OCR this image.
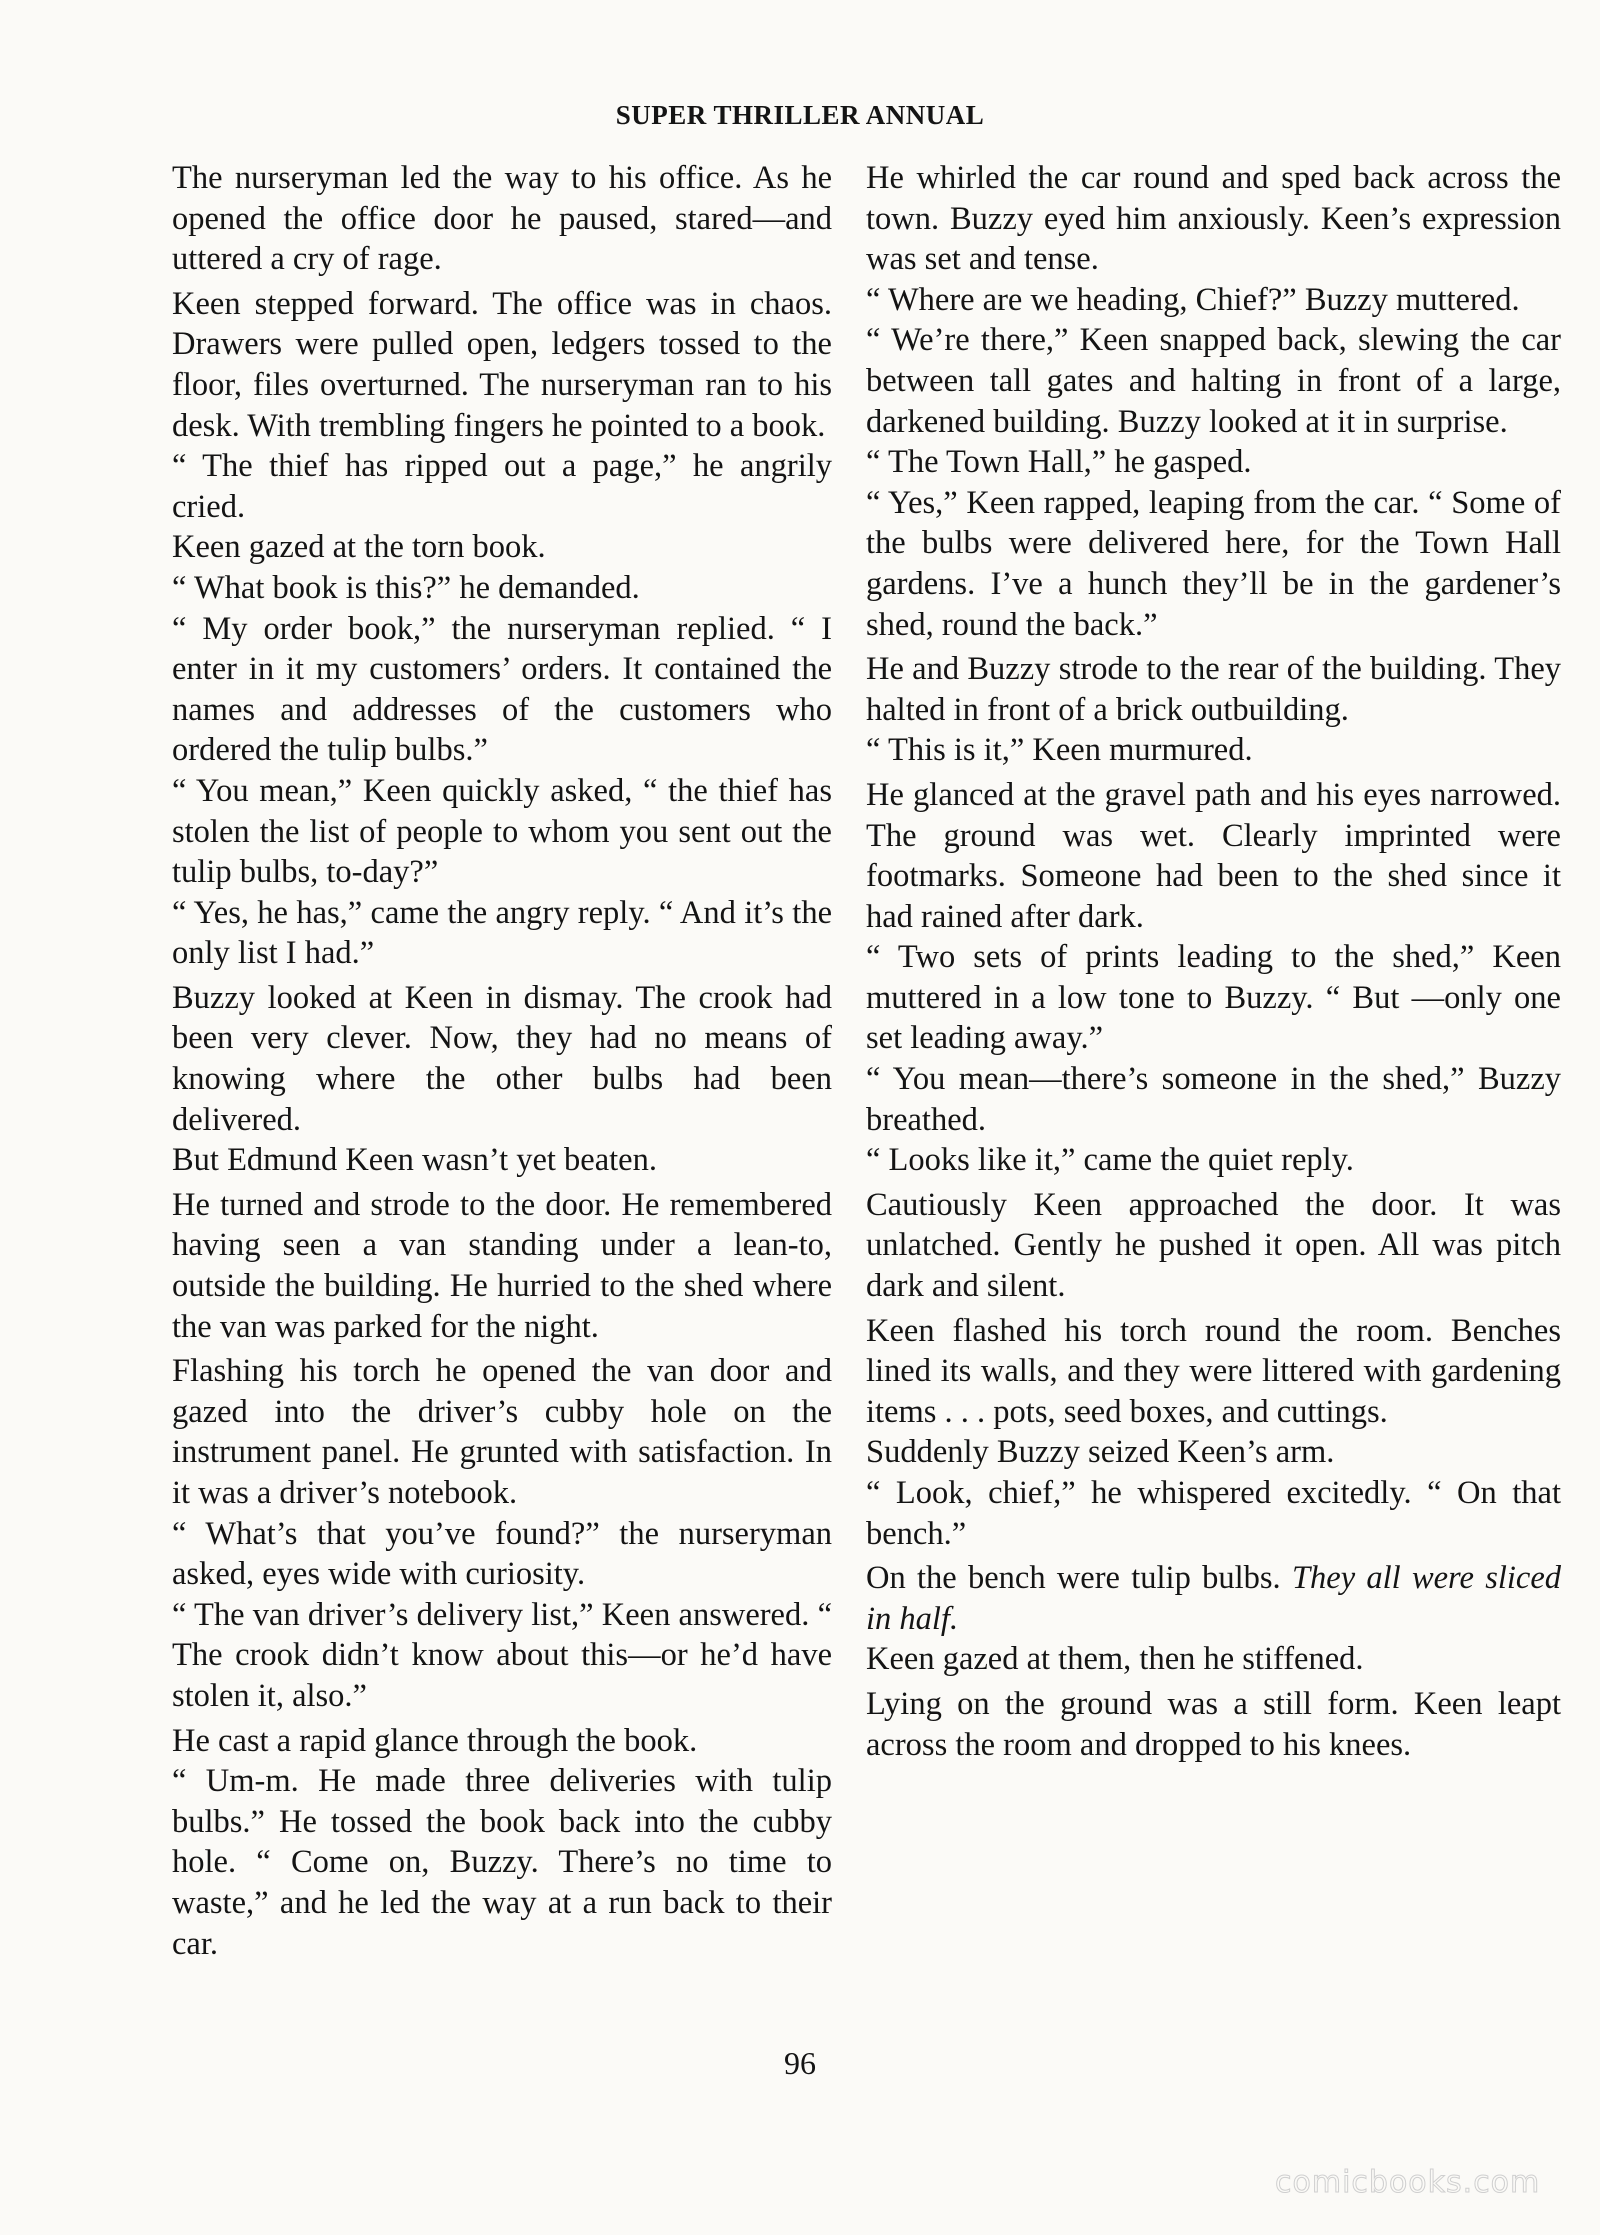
SUPER THRILLER ANNUAL

The nurseryman led the way to his office. As he opened the office door he paused, stared—and uttered a cry of rage.

Keen stepped forward. The office was in chaos. Drawers were pulled open, ledgers tossed to the floor, files overturned. The nurseryman ran to his desk. With trembling fingers he pointed to a book.

“ The thief has ripped out a page,” he angrily cried.

Keen gazed at the torn book.

“ What book is this?” he demanded.

“ My order book,” the nurseryman replied. “ I enter in it my customers’ orders. It contained the names and addresses of the customers who ordered the tulip bulbs.”

“ You mean,” Keen quickly asked, “ the thief has stolen the list of people to whom you sent out the tulip bulbs, to-day?”

“ Yes, he has,” came the angry reply. “ And it’s the only list I had.”

Buzzy looked at Keen in dismay. The crook had been very clever. Now, they had no means of knowing where the other bulbs had been delivered.

But Edmund Keen wasn’t yet beaten.

He turned and strode to the door. He remembered having seen a van standing under a lean-to, outside the building. He hurried to the shed where the van was parked for the night.

Flashing his torch he opened the van door and gazed into the driver’s cubby hole on the instrument panel. He grunted with satisfaction. In it was a driver’s notebook.

“ What’s that you’ve found?” the nurseryman asked, eyes wide with curiosity.

“ The van driver’s delivery list,” Keen answered. “ The crook didn’t know about this—or he’d have stolen it, also.”

He cast a rapid glance through the book.

“ Um-m. He made three deliveries with tulip bulbs.” He tossed the book back into the cubby hole. “ Come on, Buzzy. There’s no time to waste,” and he led the way at a run back to their car.

He whirled the car round and sped back across the town. Buzzy eyed him anxiously. Keen’s expression was set and tense.

“ Where are we heading, Chief?” Buzzy muttered.

“ We’re there,” Keen snapped back, slewing the car between tall gates and halting in front of a large, darkened building. Buzzy looked at it in surprise.

“ The Town Hall,” he gasped.

“ Yes,” Keen rapped, leaping from the car. “ Some of the bulbs were delivered here, for the Town Hall gardens. I’ve a hunch they’ll be in the gardener’s shed, round the back.”

He and Buzzy strode to the rear of the building. They halted in front of a brick outbuilding.

“ This is it,” Keen murmured.

He glanced at the gravel path and his eyes narrowed. The ground was wet. Clearly imprinted were footmarks. Someone had been to the shed since it had rained after dark.

“ Two sets of prints leading to the shed,” Keen muttered in a low tone to Buzzy. “ But —only one set leading away.”

“ You mean—there’s someone in the shed,” Buzzy breathed.

“ Looks like it,” came the quiet reply.

Cautiously Keen approached the door. It was unlatched. Gently he pushed it open. All was pitch dark and silent.

Keen flashed his torch round the room. Benches lined its walls, and they were littered with gardening items . . . pots, seed boxes, and cuttings.

Suddenly Buzzy seized Keen’s arm.

“ Look, chief,” he whispered excitedly. “ On that bench.”

On the bench were tulip bulbs. They all were sliced in half.

Keen gazed at them, then he stiffened.

Lying on the ground was a still form. Keen leapt across the room and dropped to his knees.

96
comicbooks.com
